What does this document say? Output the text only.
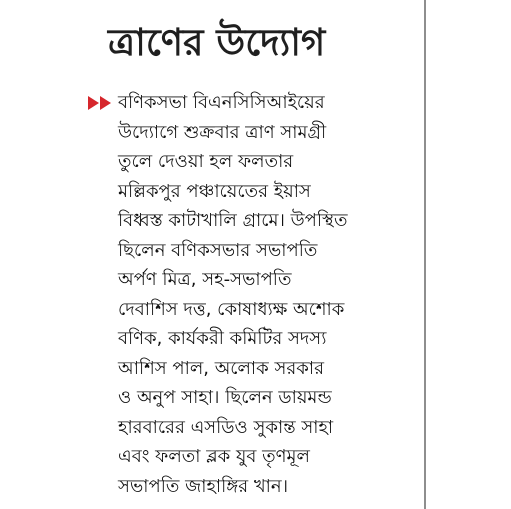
ত্রাণের উদ্যোগ
বণিকসভা বিএনসিসিআইয়ের
উদ্যোগে শুক্রবার ত্রাণ সামগ্রী
তুলে দেওয়া হল ফলতার
মল্লিকপুর পঞ্চায়েতের ইয়াস
বিধ্বস্ত কাটাখালি গ্রামে। উপস্থিত
ছিলেন বণিকসভার সভাপতি
অর্পণ মিত্র, সহ-সভাপতি
দেবাশিস দত্ত, কোষাধ্যক্ষ অশোক
বণিক, কার্যকরী কমিটির সদস্য
আশিস পাল, অলোক সরকার
ও অনুপ সাহা। ছিলেন ডায়মন্ড
হারবারের এসডিও সুকান্ত সাহা
এবং ফলতা ব্লক যুব তৃণমূল
সভাপতি জাহাঙ্গির খান।
